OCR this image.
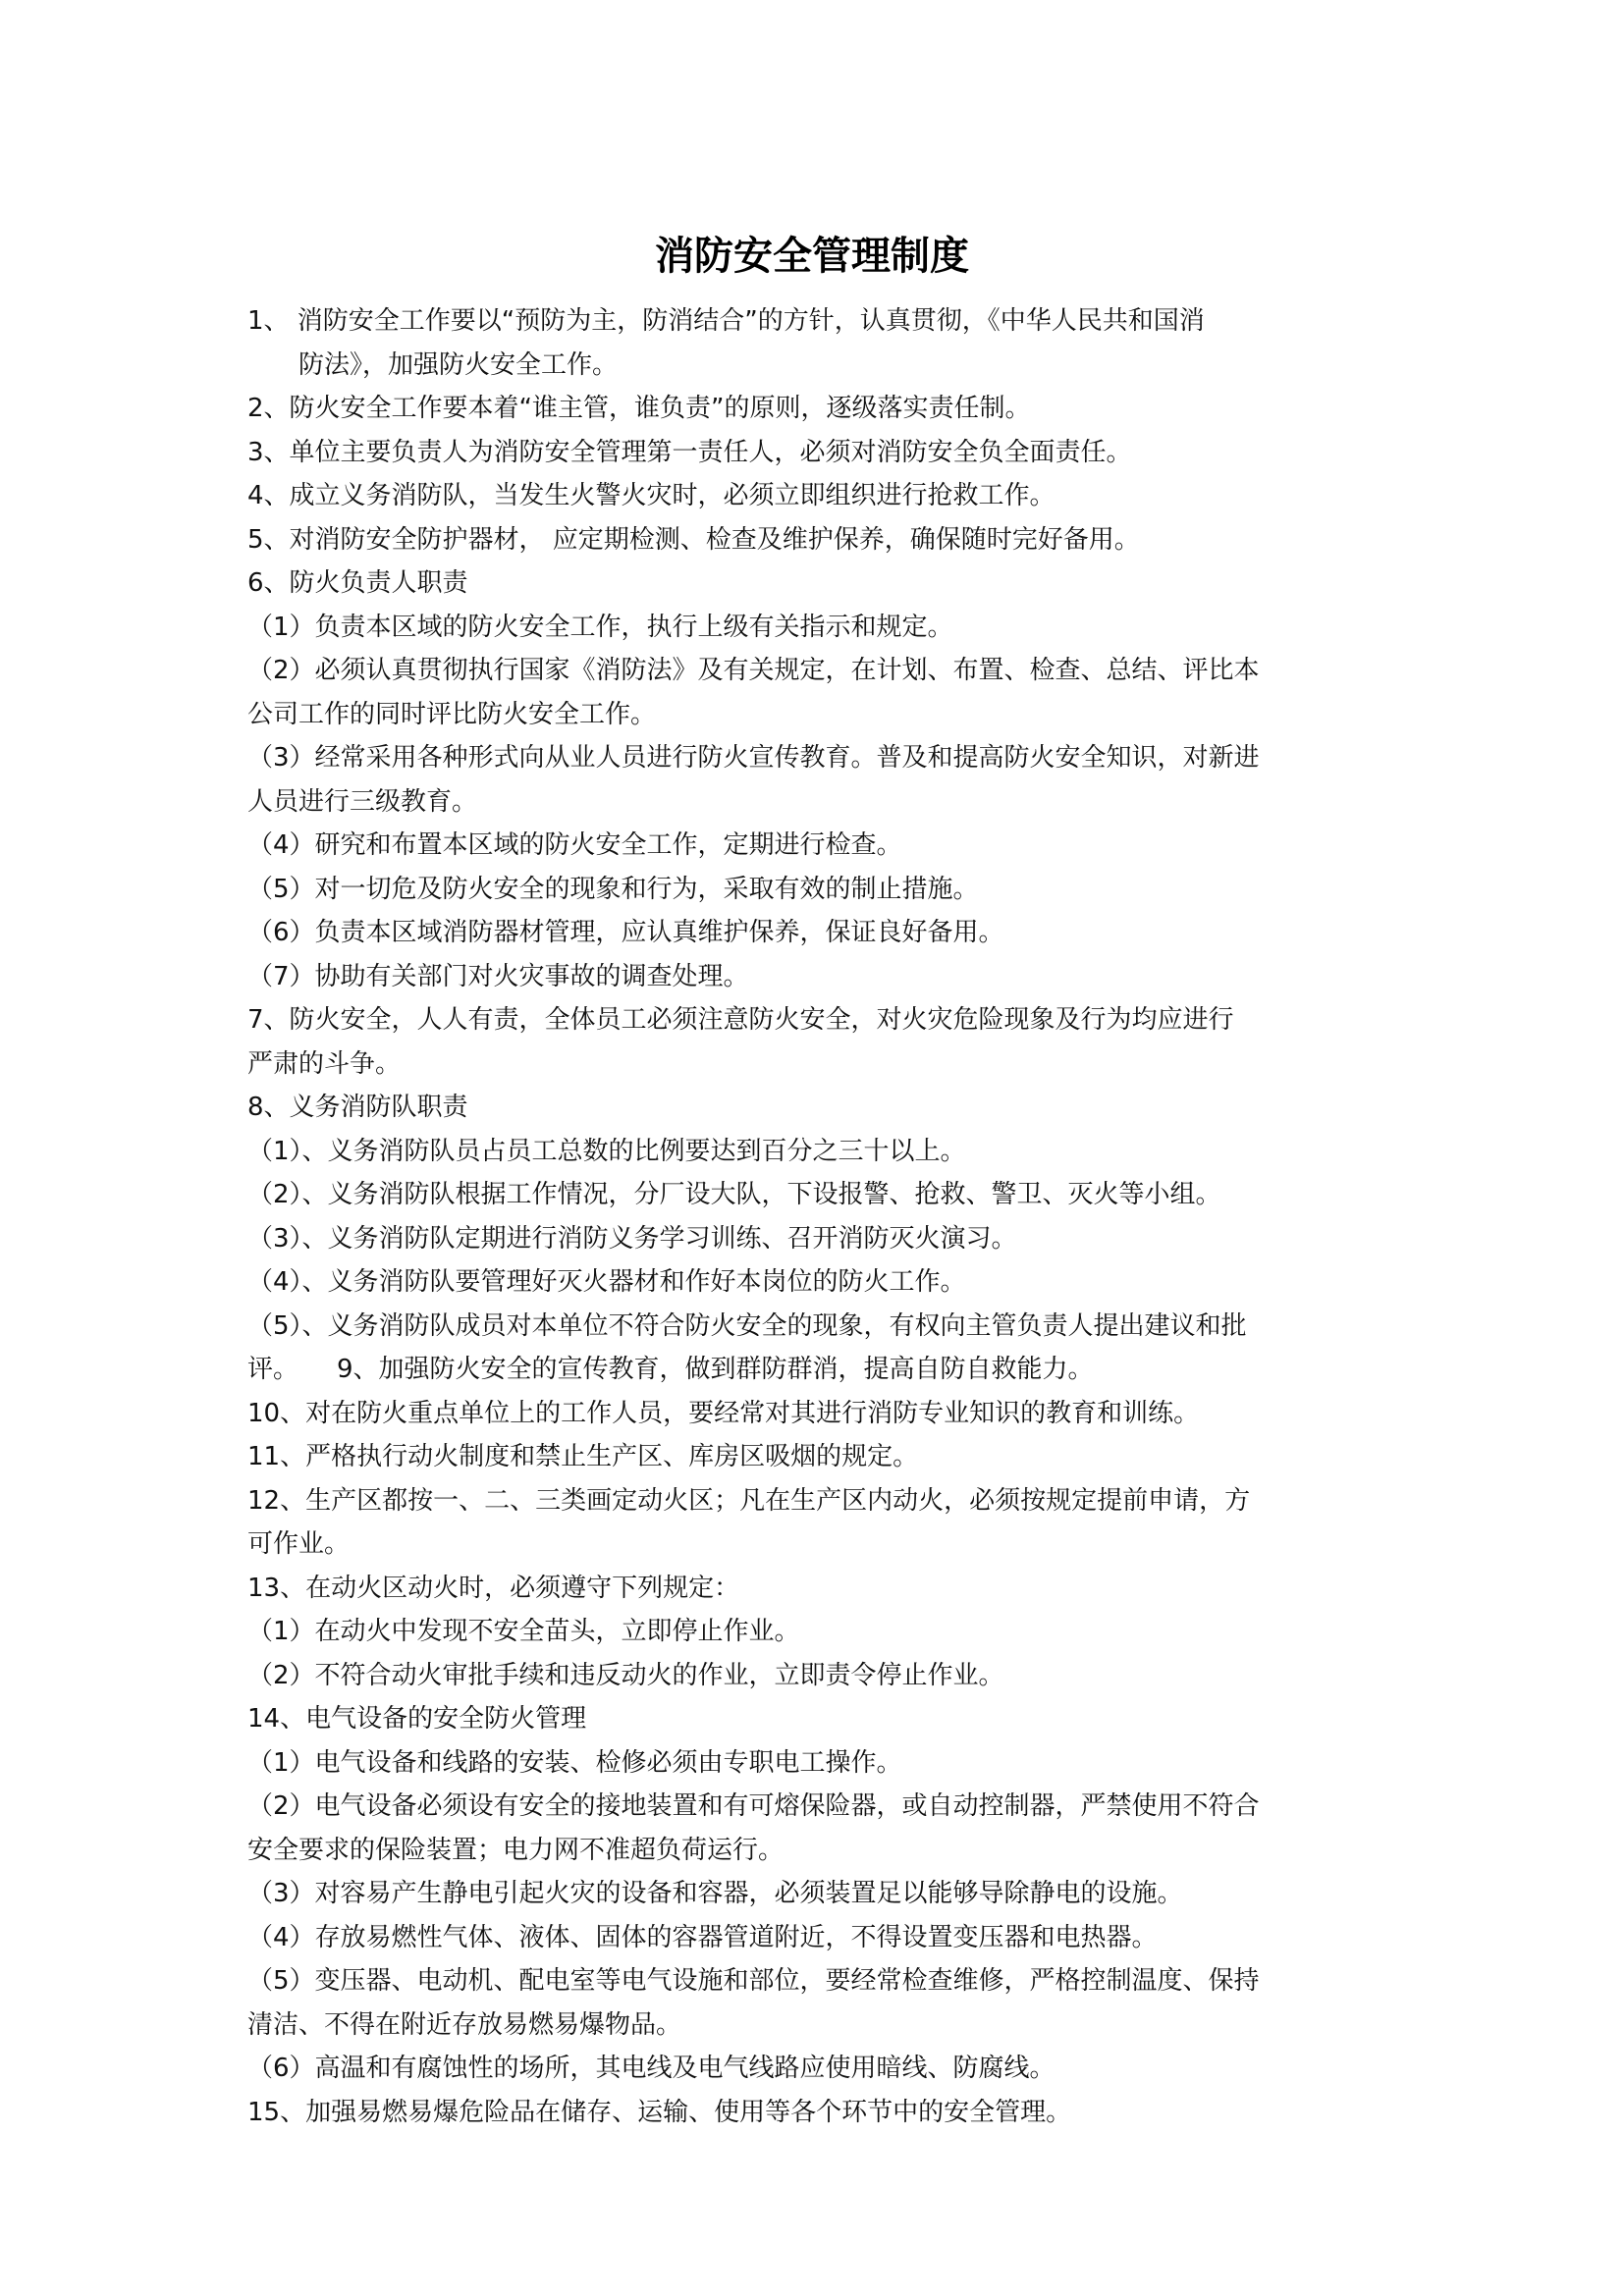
消防安全管理制度
1、 消防安全工作要以“预防为主，防消结合”的方针，认真贯彻，《中华人民共和国消
防法》，加强防火安全工作。
2、防火安全工作要本着“谁主管，谁负责”的原则，逐级落实责任制。
3、单位主要负责人为消防安全管理第一责任人，必须对消防安全负全面责任。
4、成立义务消防队，当发生火警火灾时，必须立即组织进行抢救工作。
5、对消防安全防护器材， 应定期检测、检查及维护保养，确保随时完好备用。
6、防火负责人职责
（1）负责本区域的防火安全工作，执行上级有关指示和规定。
（2）必须认真贯彻执行国家《消防法》及有关规定，在计划、布置、检查、总结、评比本
公司工作的同时评比防火安全工作。
（3）经常采用各种形式向从业人员进行防火宣传教育。普及和提高防火安全知识，对新进
人员进行三级教育。
（4）研究和布置本区域的防火安全工作，定期进行检查。
（5）对一切危及防火安全的现象和行为，采取有效的制止措施。
（6）负责本区域消防器材管理，应认真维护保养，保证良好备用。
（7）协助有关部门对火灾事故的调查处理。
7、防火安全，人人有责，全体员工必须注意防火安全，对火灾危险现象及行为均应进行
严肃的斗争。
8、义务消防队职责
（1）、义务消防队员占员工总数的比例要达到百分之三十以上。
（2）、义务消防队根据工作情况，分厂设大队，下设报警、抢救、警卫、灭火等小组。
（3）、义务消防队定期进行消防义务学习训练、召开消防灭火演习。
（4）、义务消防队要管理好灭火器材和作好本岗位的防火工作。
（5）、义务消防队成员对本单位不符合防火安全的现象，有权向主管负责人提出建议和批
评。　　9、加强防火安全的宣传教育，做到群防群消，提高自防自救能力。
10、对在防火重点单位上的工作人员，要经常对其进行消防专业知识的教育和训练。
11、严格执行动火制度和禁止生产区、库房区吸烟的规定。
12、生产区都按一、二、三类画定动火区；凡在生产区内动火，必须按规定提前申请，方
可作业。
13、在动火区动火时，必须遵守下列规定：
（1）在动火中发现不安全苗头，立即停止作业。
（2）不符合动火审批手续和违反动火的作业，立即责令停止作业。
14、电气设备的安全防火管理
（1）电气设备和线路的安装、检修必须由专职电工操作。
（2）电气设备必须设有安全的接地装置和有可熔保险器，或自动控制器，严禁使用不符合
安全要求的保险装置；电力网不准超负荷运行。
（3）对容易产生静电引起火灾的设备和容器，必须装置足以能够导除静电的设施。
（4）存放易燃性气体、液体、固体的容器管道附近，不得设置变压器和电热器。
（5）变压器、电动机、配电室等电气设施和部位，要经常检查维修，严格控制温度、保持
清洁、不得在附近存放易燃易爆物品。
（6）高温和有腐蚀性的场所，其电线及电气线路应使用暗线、防腐线。
15、加强易燃易爆危险品在储存、运输、使用等各个环节中的安全管理。
